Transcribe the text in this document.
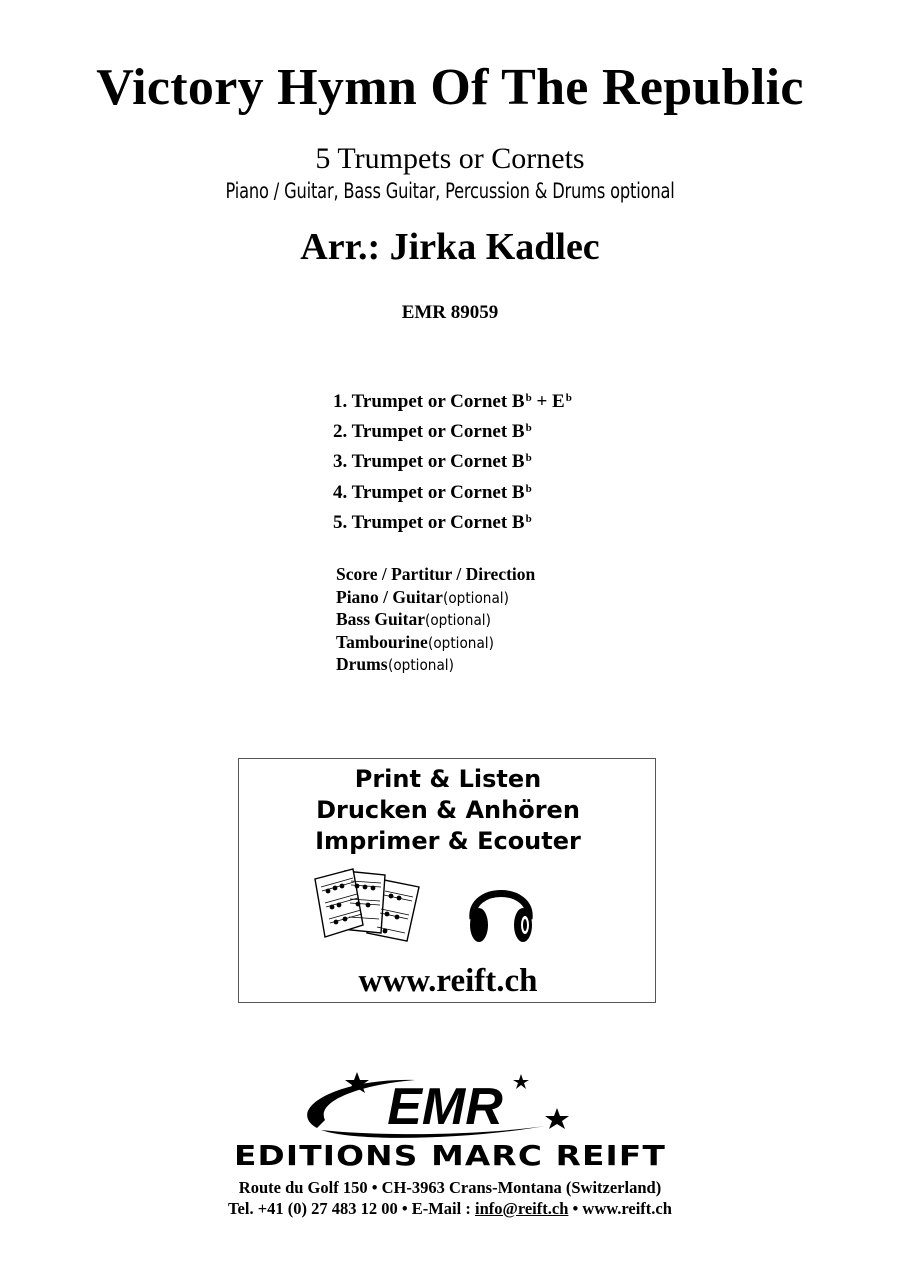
Victory Hymn Of The Republic
5 Trumpets or Cornets
Piano / Guitar, Bass Guitar, Percussion & Drums optional
Arr.: Jirka Kadlec
EMR 89059
1. Trumpet or Cornet $B^b + E^b$
2. Trumpet or Cornet $B^b$
3. Trumpet or Cornet $B^b$
4. Trumpet or Cornet $B^b$
5. Trumpet or Cornet $B^b$
Score / Partitur / Direction
Piano / Guitar(optional)
Bass Guitar(optional)
Tambourine(optional)
Drums(optional)
Print & Listen
Drucken & Anhören
Imprimer & Ecouter
www.reift.ch
EMR
EDITIONS MARC REIFT
Route du Golf 150 • CH-3963 Crans-Montana (Switzerland)
Tel. +41 (0) 27 483 12 00 • E-Mail : info@reift.ch • www.reift.ch
